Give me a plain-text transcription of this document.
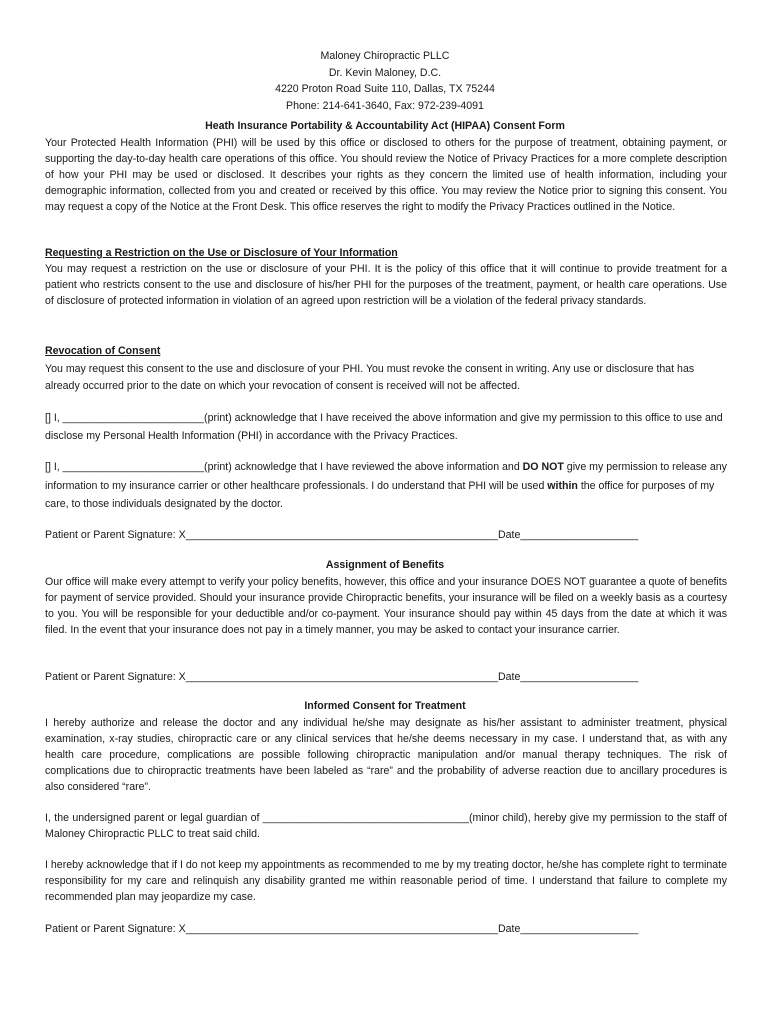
Maloney Chiropractic PLLC
Dr. Kevin Maloney, D.C.
4220 Proton Road Suite 110, Dallas, TX 75244
Phone: 214-641-3640, Fax: 972-239-4091
Heath Insurance Portability & Accountability Act (HIPAA) Consent Form
Your Protected Health Information (PHI) will be used by this office or disclosed to others for the purpose of treatment, obtaining payment, or supporting the day-to-day health care operations of this office. You should review the Notice of Privacy Practices for a more complete description of how your PHI may be used or disclosed. It describes your rights as they concern the limited use of health information, including your demographic information, collected from you and created or received by this office. You may review the Notice prior to signing this consent. You may request a copy of the Notice at the Front Desk. This office reserves the right to modify the Privacy Practices outlined in the Notice.
Requesting a Restriction on the Use or Disclosure of Your Information
You may request a restriction on the use or disclosure of your PHI. It is the policy of this office that it will continue to provide treatment for a patient who restricts consent to the use and disclosure of his/her PHI for the purposes of the treatment, payment, or health care operations. Use of disclosure of protected information in violation of an agreed upon restriction will be a violation of the federal privacy standards.
Revocation of Consent
You may request this consent to the use and disclosure of your PHI. You must revoke the consent in writing. Any use or disclosure that has already occurred prior to the date on which your revocation of consent is received will not be affected.
[] I, ________________________(print) acknowledge that I have received the above information and give my permission to this office to use and disclose my Personal Health Information (PHI) in accordance with the Privacy Practices.
[] I, ________________________(print) acknowledge that I have reviewed the above information and DO NOT give my permission to release any information to my insurance carrier or other healthcare professionals. I do understand that PHI will be used within the office for purposes of my care, to those individuals designated by the doctor.
Patient or Parent Signature: X_____________________________________________________Date____________________
Assignment of Benefits
Our office will make every attempt to verify your policy benefits, however, this office and your insurance DOES NOT guarantee a quote of benefits for payment of service provided. Should your insurance provide Chiropractic benefits, your insurance will be filed on a weekly basis as a courtesy to you. You will be responsible for your deductible and/or co-payment. Your insurance should pay within 45 days from the date at which it was filed. In the event that your insurance does not pay in a timely manner, you may be asked to contact your insurance carrier.
Patient or Parent Signature: X_____________________________________________________Date____________________
Informed Consent for Treatment
I hereby authorize and release the doctor and any individual he/she may designate as his/her assistant to administer treatment, physical examination, x-ray studies, chiropractic care or any clinical services that he/she deems necessary in my case. I understand that, as with any health care procedure, complications are possible following chiropractic manipulation and/or manual therapy techniques. The risk of complications due to chiropractic treatments have been labeled as “rare” and the probability of adverse reaction due to ancillary procedures is also considered “rare”.
I, the undersigned parent or legal guardian of ___________________________________(minor child), hereby give my permission to the staff of Maloney Chiropractic PLLC to treat said child.
I hereby acknowledge that if I do not keep my appointments as recommended to me by my treating doctor, he/she has complete right to terminate responsibility for my care and relinquish any disability granted me within reasonable period of time. I understand that failure to complete my recommended plan may jeopardize my case.
Patient or Parent Signature: X_____________________________________________________Date____________________
